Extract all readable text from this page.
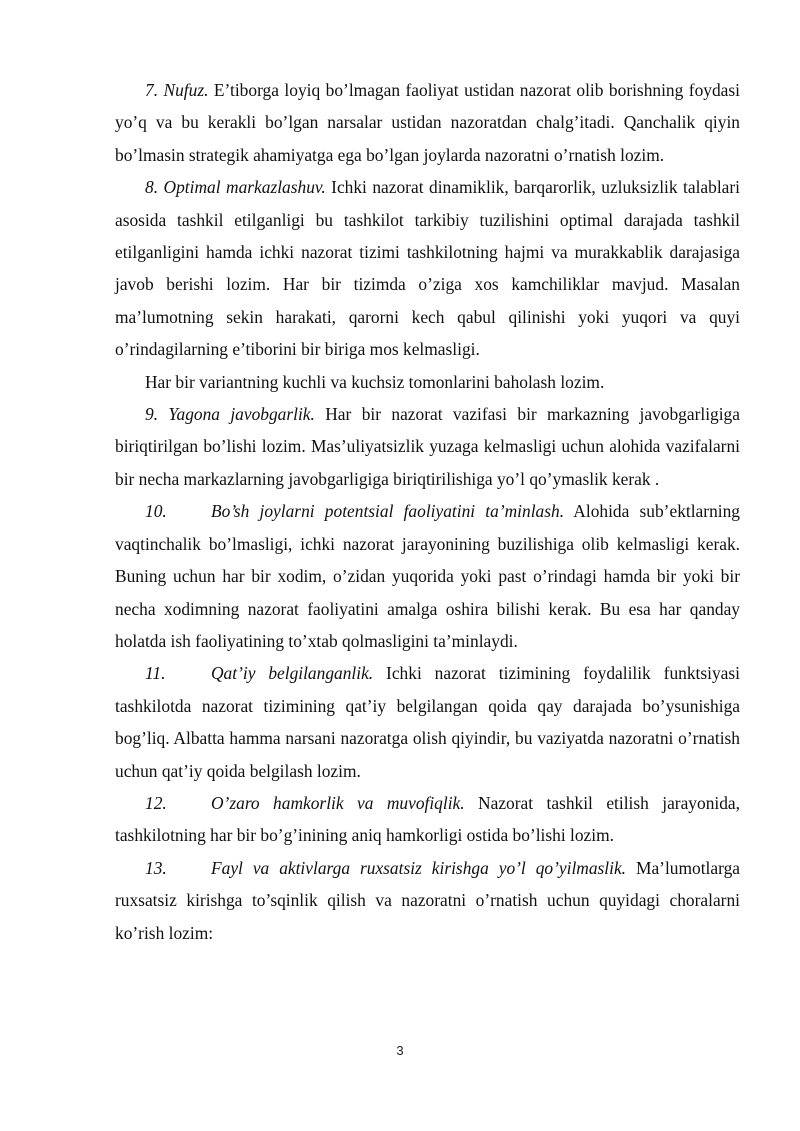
7. Nufuz. E’tiborga loyiq bo’lmagan faoliyat ustidan nazorat olib borishning foydasi yo’q va bu kerakli bo’lgan narsalar ustidan nazoratdan chalg’itadi. Qanchalik qiyin bo’lmasin strategik ahamiyatga ega bo’lgan joylarda nazoratni o’rnatish lozim.

8. Optimal markazlashuv. Ichki nazorat dinamiklik, barqarorlik, uzluksizlik talablari asosida tashkil etilganligi bu tashkilot tarkibiy tuzilishini optimal darajada tashkil etilganligini hamda ichki nazorat tizimi tashkilotning hajmi va murakkablik darajasiga javob berishi lozim. Har bir tizimda o’ziga xos kamchiliklar mavjud. Masalan ma’lumotning sekin harakati, qarorni kech qabul qilinishi yoki yuqori va quyi o’rindagilarning e’tiborini bir biriga mos kelmasligi.

Har bir variantning kuchli va kuchsiz tomonlarini baholash lozim.

9. Yagona javobgarlik. Har bir nazorat vazifasi bir markazning javobgarligiga biriqtirilgan bo’lishi lozim. Mas’uliyatsizlik yuzaga kelmasligi uchun alohida vazifalarni bir necha markazlarning javobgarligiga biriqtirilishiga yo’l qo’ymaslik kerak .

10.	Bo’sh joylarni potentsial faoliyatini ta’minlash. Alohida sub’ektlarning vaqtinchalik bo’lmasligi, ichki nazorat jarayonining buzilishiga olib kelmasligi kerak. Buning uchun har bir xodim, o’zidan yuqorida yoki past o’rindagi hamda bir yoki bir necha xodimning nazorat faoliyatini amalga oshira bilishi kerak. Bu esa har qanday holatda ish faoliyatining to’xtab qolmasligini ta’minlaydi.

11.	Qat’iy belgilanganlik. Ichki nazorat tizimining foydalilik funktsiyasi tashkilotda nazorat tizimining qat’iy belgilangan qoida qay darajada bo’ysunishiga bog’liq. Albatta hamma narsani nazoratga olish qiyindir, bu vaziyatda nazoratni o’rnatish uchun qat’iy qoida belgilash lozim.

12.	O’zaro hamkorlik va muvofiqlik. Nazorat tashkil etilish jarayonida, tashkilotning har bir bo’g’inining aniq hamkorligi ostida bo’lishi lozim.

13.	Fayl va aktivlarga ruxsatsiz kirishga yo’l qo’yilmaslik. Ma’lumotlarga ruxsatsiz kirishga to’sqinlik qilish va nazoratni o’rnatish uchun quyidagi choralarni ko’rish lozim:

3
